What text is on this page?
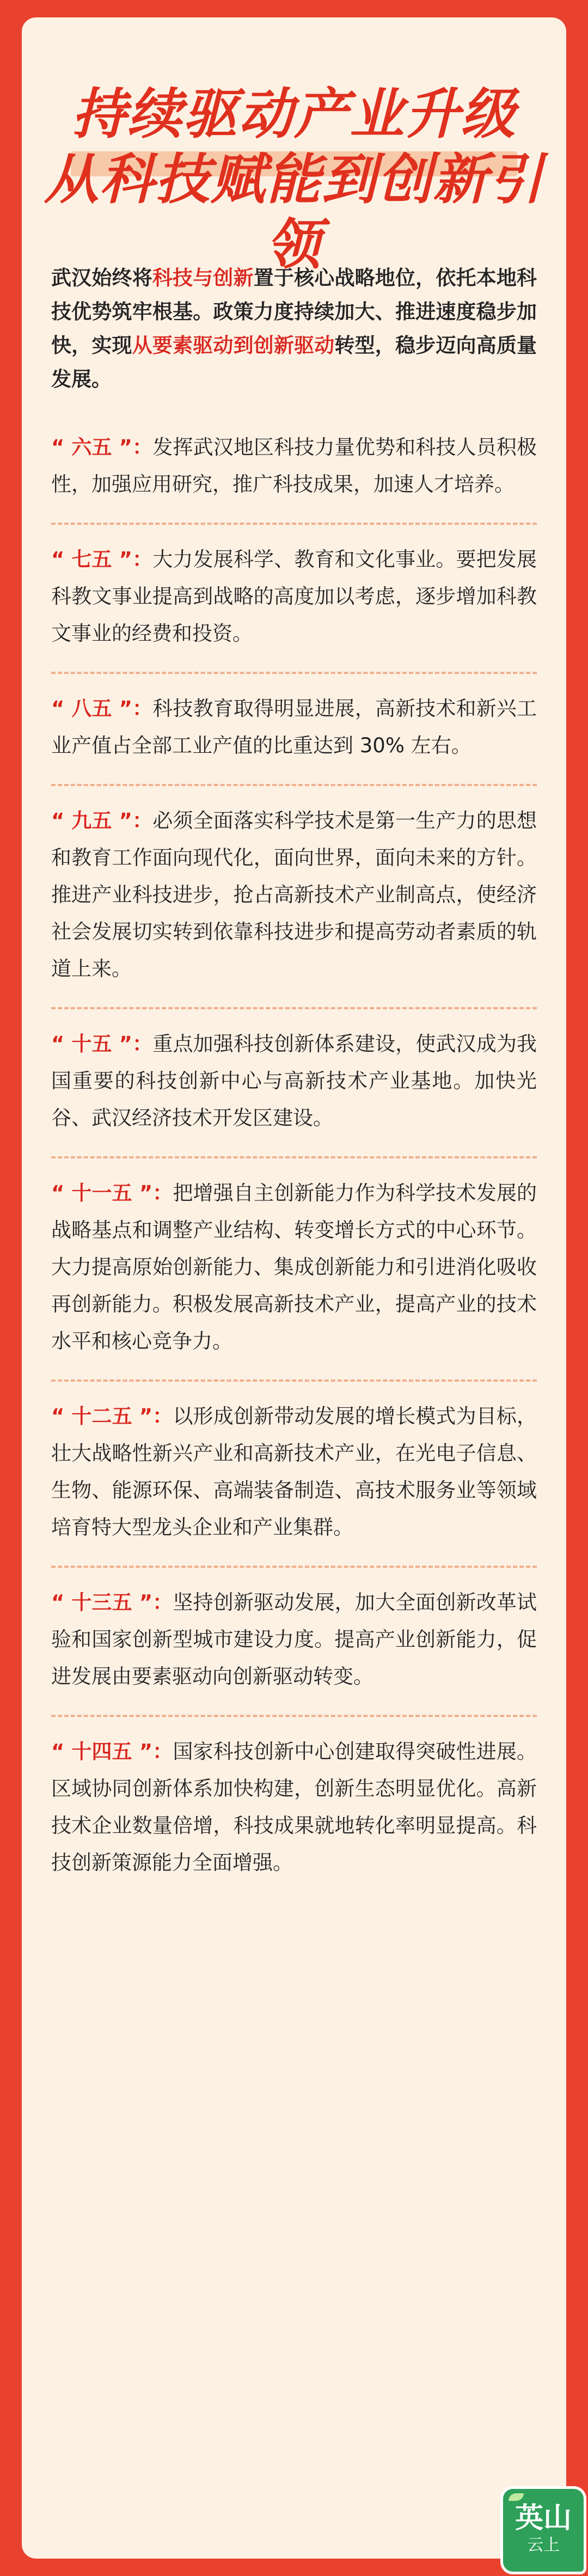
持续驱动产业升级
从科技赋能到创新引领
武汉始终将科技与创新置于核心战略地位，依托本地科技优势筑牢根基。政策力度持续加大、推进速度稳步加快，实现从要素驱动到创新驱动转型，稳步迈向高质量发展。

“ 六五 ”：发挥武汉地区科技力量优势和科技人员积极性，加强应用研究，推广科技成果，加速人才培养。

“ 七五 ”：大力发展科学、教育和文化事业。要把发展科教文事业提高到战略的高度加以考虑，逐步增加科教文事业的经费和投资。

“ 八五 ”：科技教育取得明显进展，高新技术和新兴工业产值占全部工业产值的比重达到 30% 左右。

“ 九五 ”：必须全面落实科学技术是第一生产力的思想和教育工作面向现代化，面向世界，面向未来的方针。推进产业科技进步，抢占高新技术产业制高点，使经济社会发展切实转到依靠科技进步和提高劳动者素质的轨道上来。

“ 十五 ”：重点加强科技创新体系建设，使武汉成为我国重要的科技创新中心与高新技术产业基地。加快光谷、武汉经济技术开发区建设。

“ 十一五 ”：把增强自主创新能力作为科学技术发展的战略基点和调整产业结构、转变增长方式的中心环节。大力提高原始创新能力、集成创新能力和引进消化吸收再创新能力。积极发展高新技术产业，提高产业的技术水平和核心竞争力。

“ 十二五 ”：以形成创新带动发展的增长模式为目标，壮大战略性新兴产业和高新技术产业，在光电子信息、生物、能源环保、高端装备制造、高技术服务业等领域培育特大型龙头企业和产业集群。

“ 十三五 ”：坚持创新驱动发展，加大全面创新改革试验和国家创新型城市建设力度。提高产业创新能力，促进发展由要素驱动向创新驱动转变。

“ 十四五 ”：国家科技创新中心创建取得突破性进展。区域协同创新体系加快构建，创新生态明显优化。高新技术企业数量倍增，科技成果就地转化率明显提高。科技创新策源能力全面增强。

英山
云上
